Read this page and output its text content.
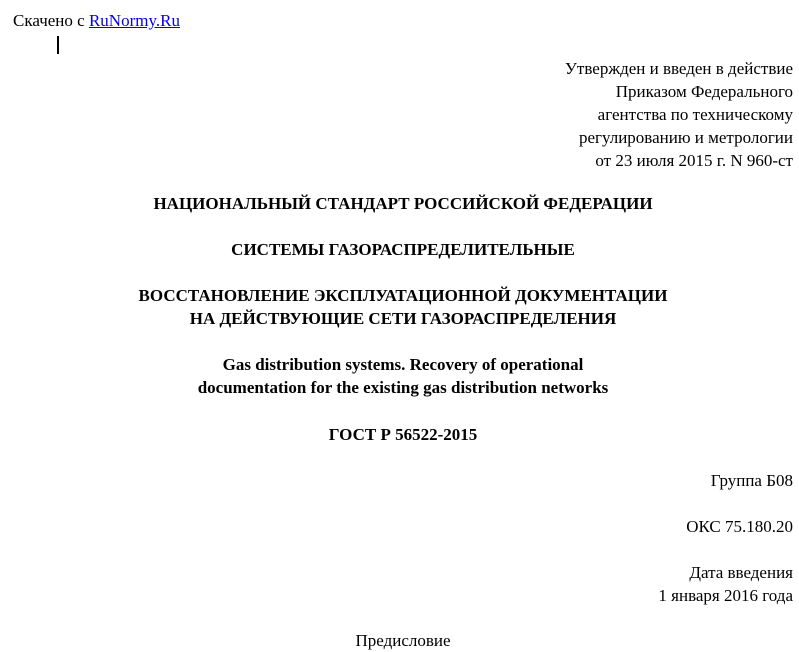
Скачено с RuNormy.Ru
Утвержден и введен в действие
Приказом Федерального
агентства по техническому
регулированию и метрологии
от 23 июля 2015 г. N 960-ст
НАЦИОНАЛЬНЫЙ СТАНДАРТ РОССИЙСКОЙ ФЕДЕРАЦИИ
СИСТЕМЫ ГАЗОРАСПРЕДЕЛИТЕЛЬНЫЕ
ВОССТАНОВЛЕНИЕ ЭКСПЛУАТАЦИОННОЙ ДОКУМЕНТАЦИИ
НА ДЕЙСТВУЮЩИЕ СЕТИ ГАЗОРАСПРЕДЕЛЕНИЯ
Gas distribution systems. Recovery of operational
documentation for the existing gas distribution networks
ГОСТ Р 56522-2015
Группа Б08
ОКС 75.180.20
Дата введения
1 января 2016 года
Предисловие
